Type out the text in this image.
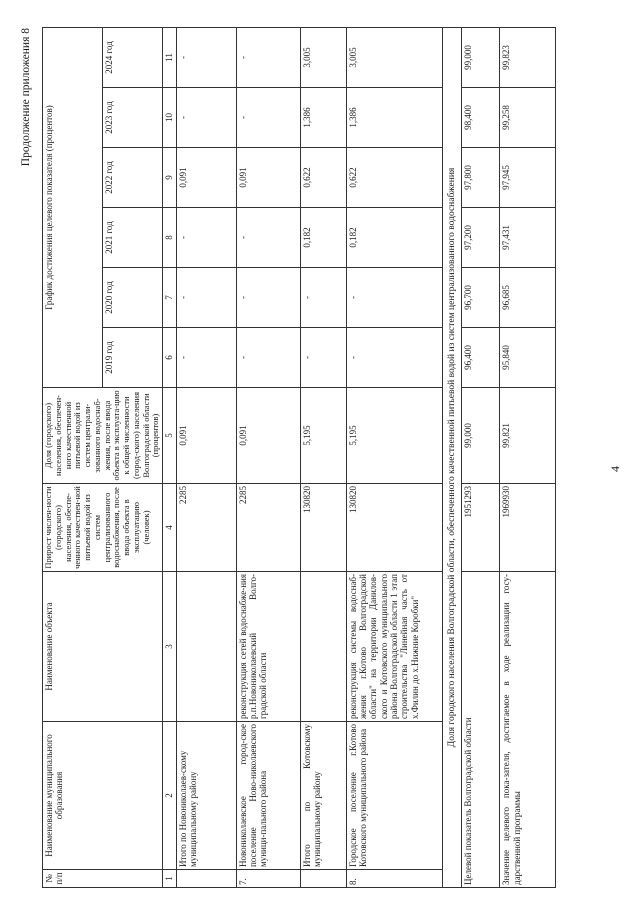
Продолжение приложения 8
№ п/п	Наименование муниципального образования	Наименование объекта	Прирост числен-ности (городского) населения, обеспе-ченного качествен-ной питьевой водой из систем централизованного водоснабжения, после ввода объекта в эксплуатацию (человек)	Доля (городского) населения, обеспечен-ного качественной питьевой водой из систем централи-зованного водоснаб-жения, после ввода объекта в эксплуата-цию к общей численности (город-ского) населения Волгоградской области (процентов)	График достижения целевого показателя (процентов)					
					2019 год	2020 год	2021 год	2022 год	2023 год	2024 год
1	2	3	4	5	6	7	8	9	10	11
	Итого по Новониколаев-скому муниципальному району		2285	0,091	-	-	-	0,091	-	-
7.	Новониколаевское город-ское поселение Ново-николаевского муници-пального района	реконструкция сетей водоснабже-ния р.п.Новониколаевский Волго-градской области	2285	0,091	-	-	-	0,091	-	-
	Итого по Котовскому муниципальному району		130820	5,195	-	-	0,182	0,622	1,386	3,005
8.	Городское поселение г.Котово Котовского муниципального района	реконструкция системы водоснаб-жения г.Котово Волгоградской области" на территории Данилов-ского и Котовского муниципального района Волгоградской области 1 этап строительства "Линейная часть от х.Филин до х.Нижние Коробки"	130820	5,195	-	-	0,182	0,622	1,386	3,005
Доля городского населения Волгоградской области, обеспеченного качественной питьевой водой из систем централизованного водоснабжения										
Целевой показатель Волгоградской области			1951293	99,000	96,400	96,700	97,200	97,800	98,400	99,000
Значение целевого пока-зателя, достигаемое в ходе реализации госу-дарственной программы			1969930	99,821	95,840	96,685	97,431	97,945	99,258	99,823
4
